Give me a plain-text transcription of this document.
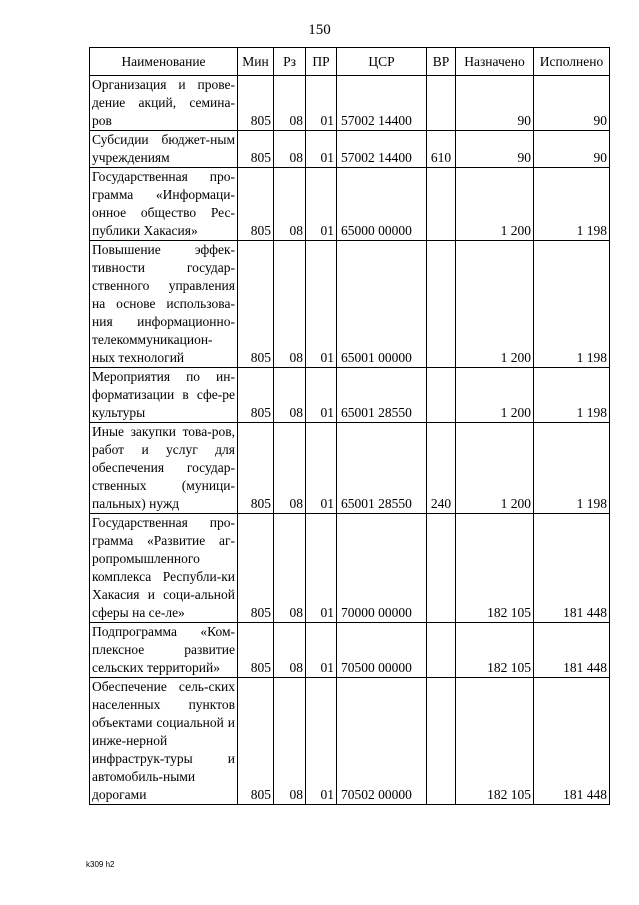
150
Наименование	Мин	Рз	ПР	ЦСР	ВР	Назначено	Исполнено
Организация и прове-дение акций, семина-ров	805	08	01	57002 14400		90	90
Субсидии бюджет-ным учреждениям	805	08	01	57002 14400	610	90	90
Государственная про-грамма «Информаци-онное общество Рес-публики Хакасия»	805	08	01	65000 00000		1 200	1 198
Повышение эффек-тивности государ-ственного управления на основе использова-ния информационно-телекоммуникацион-ных технологий	805	08	01	65001 00000		1 200	1 198
Мероприятия по ин-форматизации в сфе-ре культуры	805	08	01	65001 28550		1 200	1 198
Иные закупки това-ров, работ и услуг для обеспечения государ-ственных (муници-пальных) нужд	805	08	01	65001 28550	240	1 200	1 198
Государственная про-грамма «Развитие аг-ропромышленного комплекса Республи-ки Хакасия и соци-альной сферы на се-ле»	805	08	01	70000 00000		182 105	181 448
Подпрограмма «Ком-плексное развитие сельских территорий»	805	08	01	70500 00000		182 105	181 448
Обеспечение сель-ских населенных пунктов объектами социальной и инже-нерной инфраструк-туры и автомобиль-ными дорогами	805	08	01	70502 00000		182 105	181 448
k309 h2
